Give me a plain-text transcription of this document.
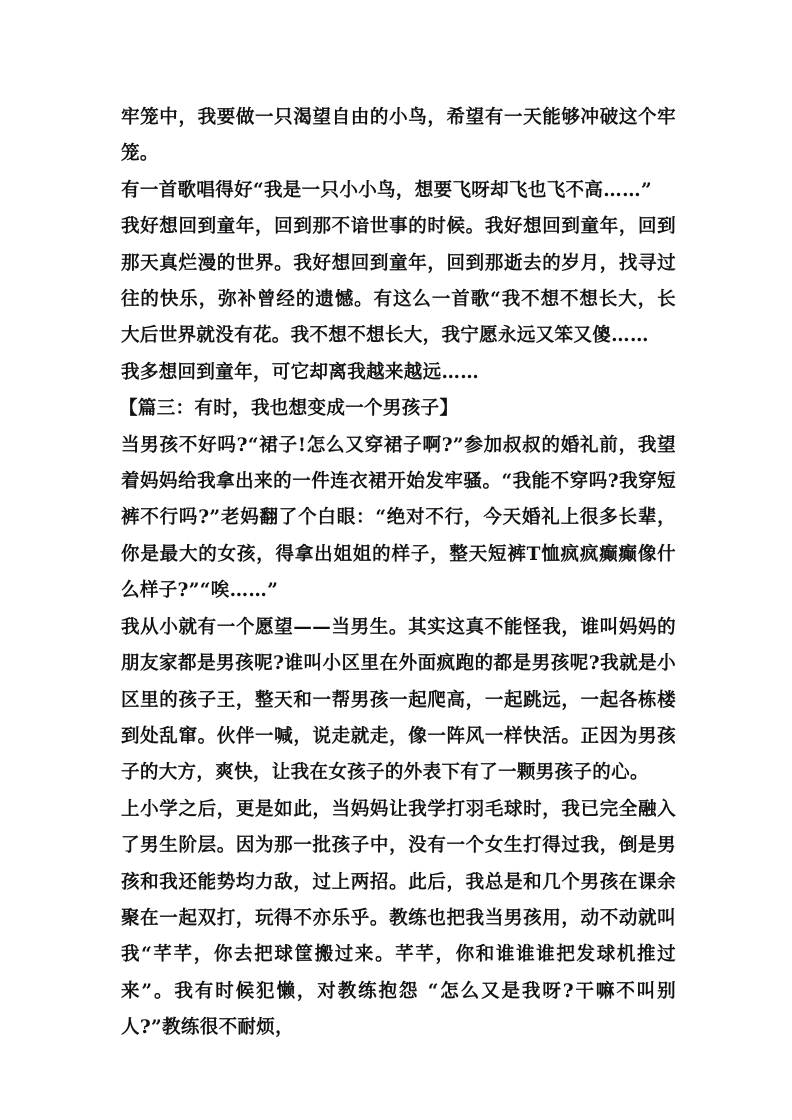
牢笼中，我要做一只渴望自由的小鸟，希望有一天能够冲破这个牢笼。

有一首歌唱得好“我是一只小小鸟，想要飞呀却飞也飞不高……”

我好想回到童年，回到那不谙世事的时候。我好想回到童年，回到那天真烂漫的世界。我好想回到童年，回到那逝去的岁月，找寻过往的快乐，弥补曾经的遗憾。有这么一首歌“我不想不想长大，长大后世界就没有花。我不想不想长大，我宁愿永远又笨又傻……

我多想回到童年，可它却离我越来越远……

【篇三：有时，我也想变成一个男孩子】

当男孩不好吗?“裙子!怎么又穿裙子啊?”参加叔叔的婚礼前，我望着妈妈给我拿出来的一件连衣裙开始发牢骚。“我能不穿吗?我穿短裤不行吗?”老妈翻了个白眼：“绝对不行，今天婚礼上很多长辈，你是最大的女孩，得拿出姐姐的样子，整天短裤T恤疯疯癫癫像什么样子?”“唉……”

我从小就有一个愿望——当男生。其实这真不能怪我，谁叫妈妈的朋友家都是男孩呢?谁叫小区里在外面疯跑的都是男孩呢?我就是小区里的孩子王，整天和一帮男孩一起爬高，一起跳远，一起各栋楼到处乱窜。伙伴一喊，说走就走，像一阵风一样快活。正因为男孩子的大方，爽快，让我在女孩子的外表下有了一颗男孩子的心。

上小学之后，更是如此，当妈妈让我学打羽毛球时，我已完全融入了男生阶层。因为那一批孩子中，没有一个女生打得过我，倒是男孩和我还能势均力敌，过上两招。此后，我总是和几个男孩在课余聚在一起双打，玩得不亦乐乎。教练也把我当男孩用，动不动就叫我“芊芊，你去把球筐搬过来。芊芊，你和谁谁谁把发球机推过来”。我有时候犯懒，对教练抱怨 “怎么又是我呀?干嘛不叫别人?”教练很不耐烦，
